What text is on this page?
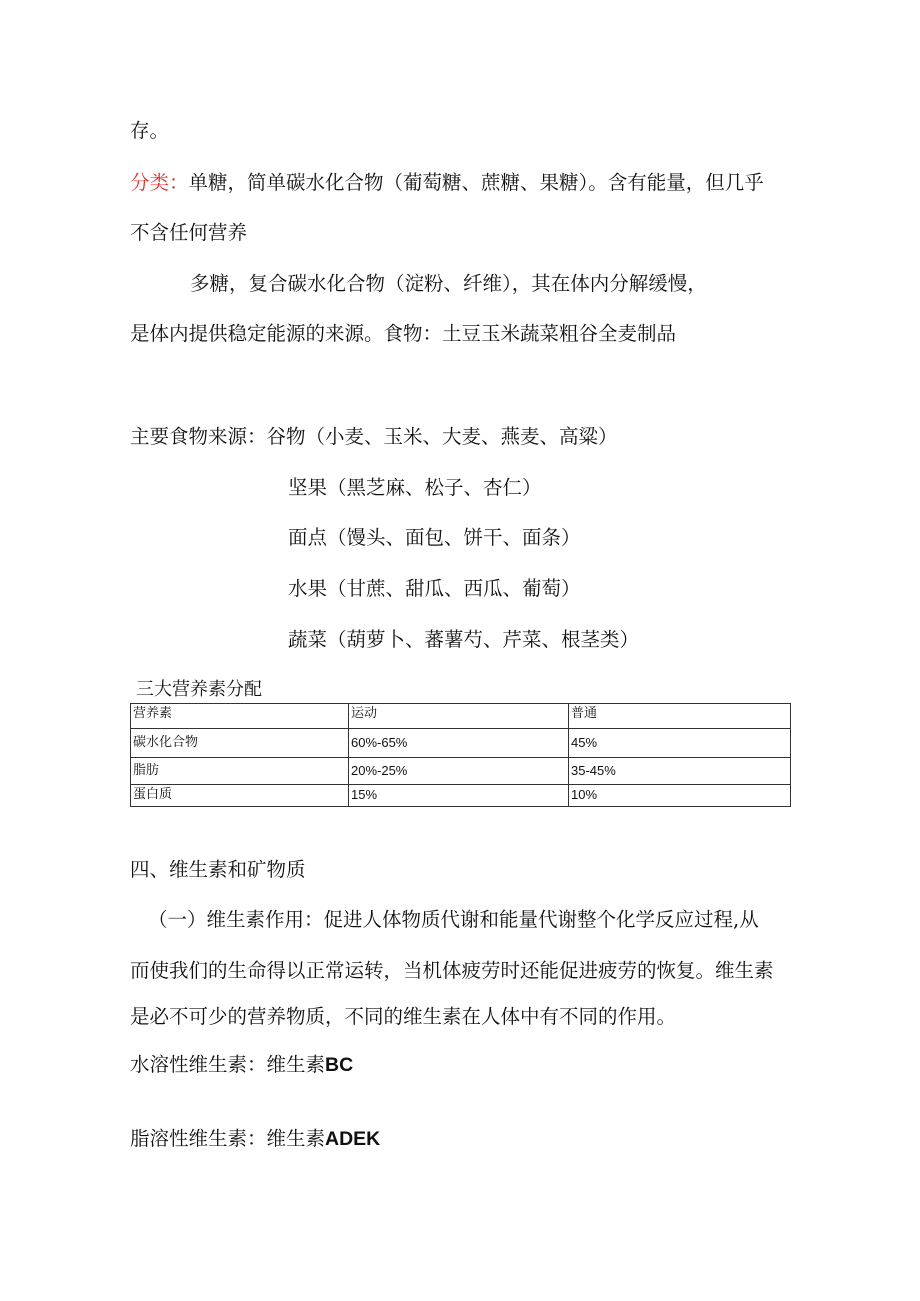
存。
分类：单糖，简单碳水化合物（葡萄糖、蔗糖、果糖）。含有能量，但几乎
不含任何营养
多糖，复合碳水化合物（淀粉、纤维），其在体内分解缓慢，
是体内提供稳定能源的来源。食物：土豆玉米蔬菜粗谷全麦制品
主要食物来源：谷物（小麦、玉米、大麦、燕麦、高粱）
坚果（黑芝麻、松子、杏仁）
面点（馒头、面包、饼干、面条）
水果（甘蔗、甜瓜、西瓜、葡萄）
蔬菜（葫萝卜、蕃薯芍、芹菜、根茎类）
三大营养素分配
营养素	运动	普通
碳水化合物	60%-65%	45%
脂肪	20%-25%	35-45%
蛋白质	15%	10%
四、维生素和矿物质
（一）维生素作用：促进人体物质代谢和能量代谢整个化学反应过程,从
而使我们的生命得以正常运转，当机体疲劳时还能促进疲劳的恢复。维生素
是必不可少的营养物质，不同的维生素在人体中有不同的作用。
水溶性维生素：维生素BC
脂溶性维生素：维生素ADEK
